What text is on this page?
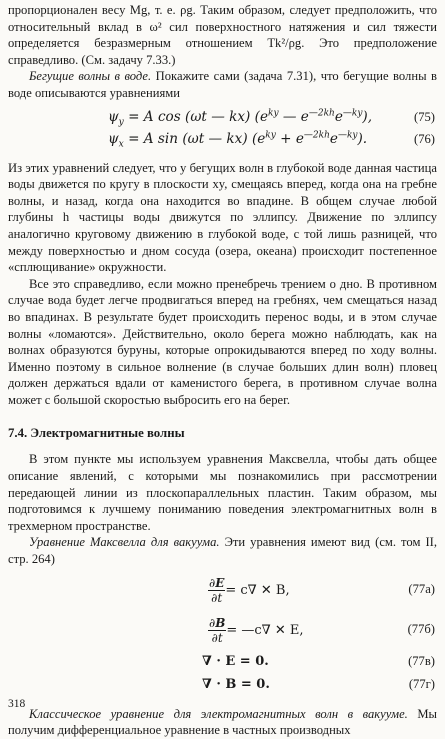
пропорционален весу Mg, т. е. ρg. Таким образом, следует предположить, что относительный вклад в ω² сил поверхностного натяжения и сил тяжести определяется безразмерным отношением Tk²/ρg. Это предположение справедливо. (См. задачу 7.33.)

Бегущие волны в воде. Покажите сами (задача 7.31), что бегущие волны в воде описываются уравнениями

$\psi_y = A$ cos (ωt — kx) ($e^{ky}$ — $e^{—2kh}e^{—ky}$),	(75)
$\psi_x = A$ sin (ωt — kx) $(e^{ky} + e^{—2kh}e^{—ky})$.	(76)

Из этих уравнений следует, что у бегущих волн в глубокой воде данная частица воды движется по кругу в плоскости xy, смещаясь вперед, когда она на гребне волны, и назад, когда она находится во впадине. В общем случае любой глубины h частицы воды движутся по эллипсу. Движение по эллипсу аналогично круговому движению в глубокой воде, с той лишь разницей, что между поверхностью и дном сосуда (озера, океана) происходит постепенное «сплющивание» окружности.

Все это справедливо, если можно пренебречь трением о дно. В противном случае вода будет легче продвигаться вперед на гребнях, чем смещаться назад во впадинах. В результате будет происходить перенос воды, и в этом случае волны «ломаются». Действительно, около берега можно наблюдать, как на волнах образуются буруны, которые опрокидываются вперед по ходу волны. Именно поэтому в сильное волнение (в случае больших длин волн) пловец должен держаться вдали от каменистого берега, в противном случае волна может с большой скоростью выбросить его на берег.

7.4. Электромагнитные волны

В этом пункте мы используем уравнения Максвелла, чтобы дать общее описание явлений, с которыми мы познакомились при рассмотрении передающей линии из плоскопараллельных пластин. Таким образом, мы подготовимся к лучшему пониманию поведения электромагнитных волн в трехмерном пространстве.

Уравнение Максвелла для вакуума. Эти уравнения имеют вид (см. том II, стр. 264)

$\frac{\partial E}{\partial t} = c\nabla$ ✕ B,	(77а)
$\frac{\partial B}{\partial t}$ = —c∇ ✕ E,	(77б)
∇ · E = 0.	(77в)
∇ · B = 0.	(77г)

Классическое уравнение для электромагнитных волн в вакууме. Мы получим дифференциальное уравнение в частных производных

318
